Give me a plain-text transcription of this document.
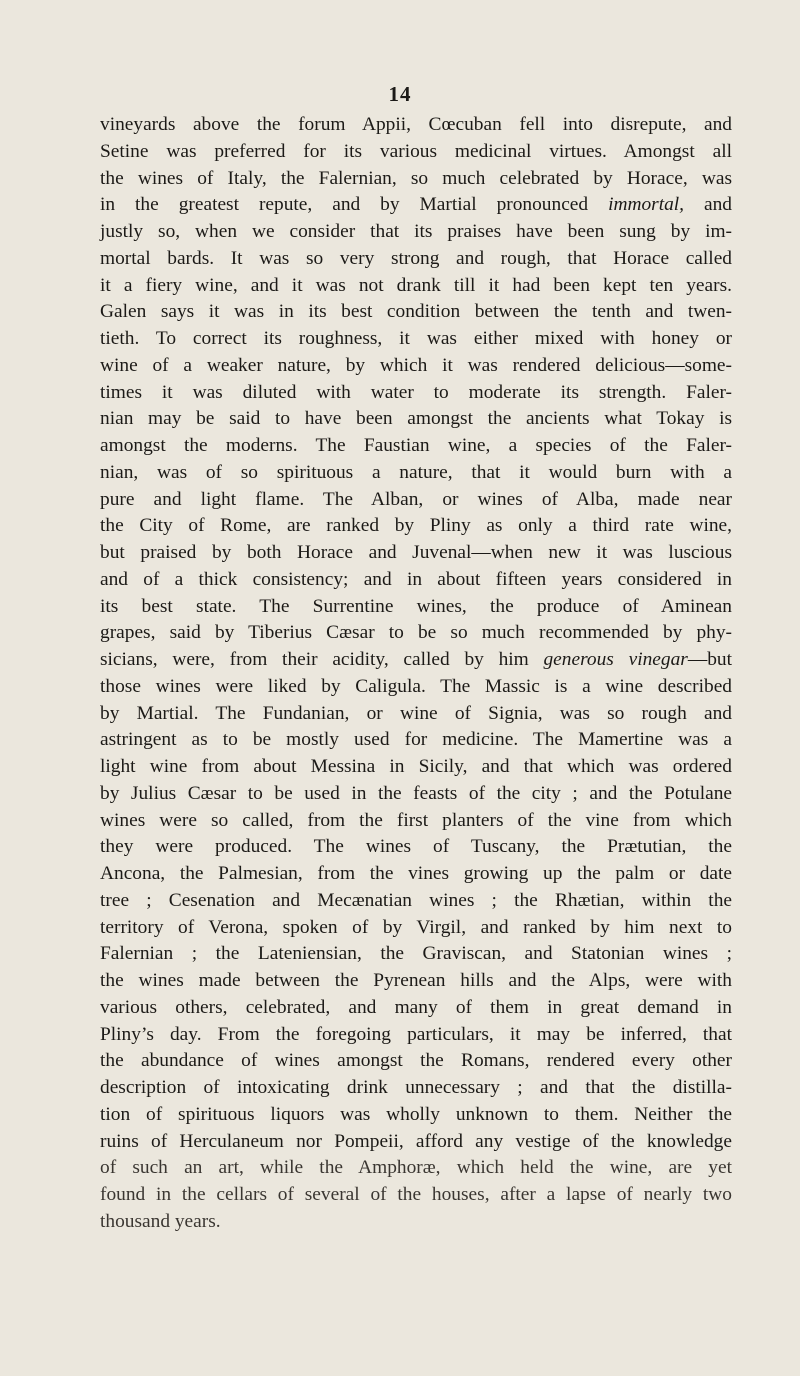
14
vineyards above the forum Appii, Cœcuban fell into disrepute, and
Setine was preferred for its various medicinal virtues. Amongst all
the wines of Italy, the Falernian, so much celebrated by Horace, was
in the greatest repute, and by Martial pronounced immortal, and
justly so, when we consider that its praises have been sung by im-
mortal bards. It was so very strong and rough, that Horace called
it a fiery wine, and it was not drank till it had been kept ten years.
Galen says it was in its best condition between the tenth and twen-
tieth. To correct its roughness, it was either mixed with honey or
wine of a weaker nature, by which it was rendered delicious—some-
times it was diluted with water to moderate its strength. Faler-
nian may be said to have been amongst the ancients what Tokay is
amongst the moderns. The Faustian wine, a species of the Faler-
nian, was of so spirituous a nature, that it would burn with a
pure and light flame. The Alban, or wines of Alba, made near
the City of Rome, are ranked by Pliny as only a third rate wine,
but praised by both Horace and Juvenal—when new it was luscious
and of a thick consistency; and in about fifteen years considered in
its best state. The Surrentine wines, the produce of Aminean
grapes, said by Tiberius Cæsar to be so much recommended by phy-
sicians, were, from their acidity, called by him generous vinegar—but
those wines were liked by Caligula. The Massic is a wine described
by Martial. The Fundanian, or wine of Signia, was so rough and
astringent as to be mostly used for medicine. The Mamertine was a
light wine from about Messina in Sicily, and that which was ordered
by Julius Cæsar to be used in the feasts of the city ; and the Potulane
wines were so called, from the first planters of the vine from which
they were produced. The wines of Tuscany, the Prætutian, the
Ancona, the Palmesian, from the vines growing up the palm or date
tree ; Cesenation and Mecænatian wines ; the Rhætian, within the
territory of Verona, spoken of by Virgil, and ranked by him next to
Falernian ; the Lateniensian, the Graviscan, and Statonian wines ;
the wines made between the Pyrenean hills and the Alps, were with
various others, celebrated, and many of them in great demand in
Pliny’s day. From the foregoing particulars, it may be inferred, that
the abundance of wines amongst the Romans, rendered every other
description of intoxicating drink unnecessary ; and that the distilla-
tion of spirituous liquors was wholly unknown to them. Neither the
ruins of Herculaneum nor Pompeii, afford any vestige of the knowledge
of such an art, while the Amphoræ, which held the wine, are yet
found in the cellars of several of the houses, after a lapse of nearly two
thousand years.
